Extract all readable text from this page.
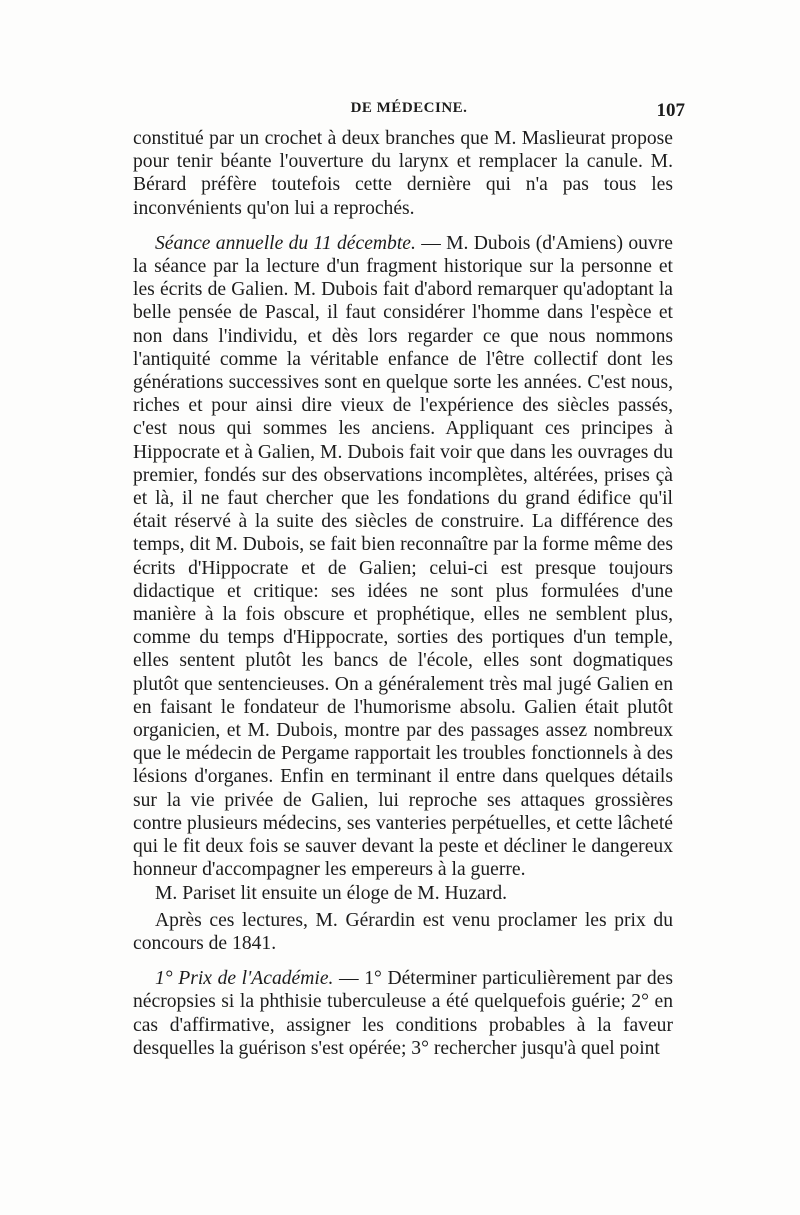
DE MÉDECINE.	107

constitué par un crochet à deux branches que M. Maslieurat propose pour tenir béante l'ouverture du larynx et remplacer la canule. M. Bérard préfère toutefois cette dernière qui n'a pas tous les inconvénients qu'on lui a reprochés.

Séance annuelle du 11 décembte. — M. Dubois (d'Amiens) ouvre la séance par la lecture d'un fragment historique sur la personne et les écrits de Galien. M. Dubois fait d'abord remarquer qu'adoptant la belle pensée de Pascal, il faut considérer l'homme dans l'espèce et non dans l'individu, et dès lors regarder ce que nous nommons l'antiquité comme la véritable enfance de l'être collectif dont les générations successives sont en quelque sorte les années. C'est nous, riches et pour ainsi dire vieux de l'expérience des siècles passés, c'est nous qui sommes les anciens. Appliquant ces principes à Hippocrate et à Galien, M. Dubois fait voir que dans les ouvrages du premier, fondés sur des observations incomplètes, altérées, prises çà et là, il ne faut chercher que les fondations du grand édifice qu'il était réservé à la suite des siècles de construire. La différence des temps, dit M. Dubois, se fait bien reconnaître par la forme même des écrits d'Hippocrate et de Galien; celui-ci est presque toujours didactique et critique: ses idées ne sont plus formulées d'une manière à la fois obscure et prophétique, elles ne semblent plus, comme du temps d'Hippocrate, sorties des portiques d'un temple, elles sentent plutôt les bancs de l'école, elles sont dogmatiques plutôt que sentencieuses. On a généralement très mal jugé Galien en en faisant le fondateur de l'humorisme absolu. Galien était plutôt organicien, et M. Dubois, montre par des passages assez nombreux que le médecin de Pergame rapportait les troubles fonctionnels à des lésions d'organes. Enfin en terminant il entre dans quelques détails sur la vie privée de Galien, lui reproche ses attaques grossières contre plusieurs médecins, ses vanteries perpétuelles, et cette lâcheté qui le fit deux fois se sauver devant la peste et décliner le dangereux honneur d'accompagner les empereurs à la guerre.

M. Pariset lit ensuite un éloge de M. Huzard.

Après ces lectures, M. Gérardin est venu proclamer les prix du concours de 1841.

1° Prix de l'Académie. — 1° Déterminer particulièrement par des nécropsies si la phthisie tuberculeuse a été quelquefois guérie; 2° en cas d'affirmative, assigner les conditions probables à la faveur desquelles la guérison s'est opérée; 3° rechercher jusqu'à quel point
